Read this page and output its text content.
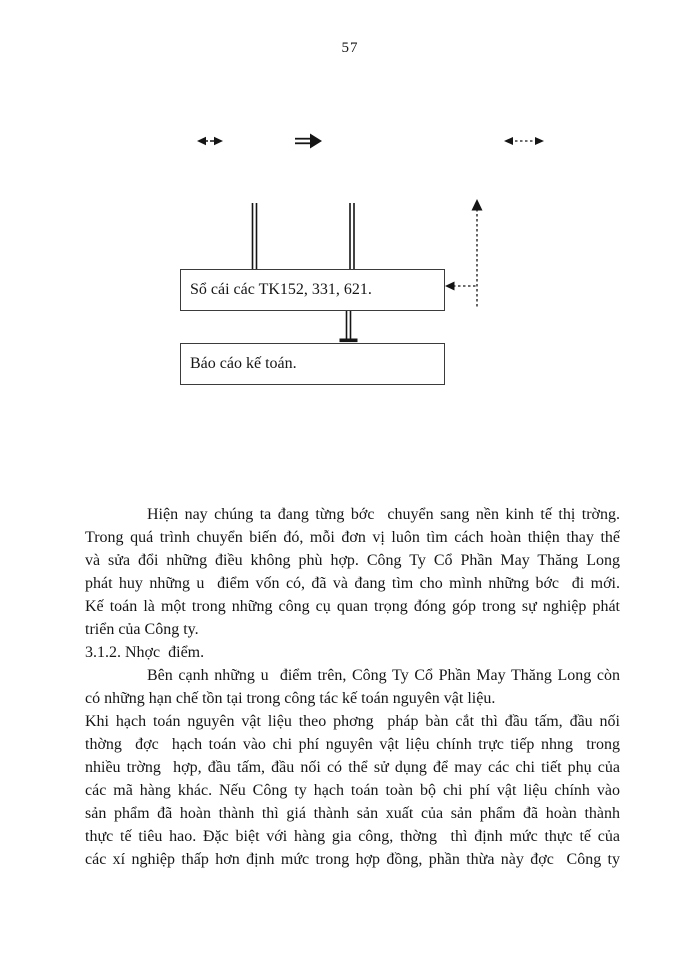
57
Sổ cái các TK152, 331, 621.
Báo cáo kế toán.
Hiện nay chúng ta đang từng bớc  chuyển sang nền kinh tế thị trờng.
Trong quá trình chuyển biến đó, mỗi đơn vị luôn tìm cách hoàn thiện thay thế
và sửa đổi những điều không phù hợp. Công Ty Cổ Phần May Thăng Long
phát huy những u  điểm vốn có, đã và đang tìm cho mình những bớc  đi mới.
Kế toán là một trong những công cụ quan trọng đóng góp trong sự nghiệp phát
triển của Công ty.
3.1.2. Nhợc  điểm.
Bên cạnh những u  điểm trên, Công Ty Cổ Phần May Thăng Long còn
có những hạn chế tồn tại trong công tác kế toán nguyên vật liệu.
Khi hạch toán nguyên vật liệu theo phơng  pháp bàn cắt thì đầu tấm, đầu nối
thờng  đợc  hạch toán vào chi phí nguyên vật liệu chính trực tiếp nhng  trong
nhiều trờng  hợp, đầu tấm, đầu nối có thể sử dụng để may các chi tiết phụ của
các mã hàng khác. Nếu Công ty hạch toán toàn bộ chi phí vật liệu chính vào
sản phẩm đã hoàn thành thì giá thành sản xuất của sản phẩm đã hoàn thành
thực tế tiêu hao. Đặc biệt với hàng gia công, thờng  thì định mức thực tế của
các xí nghiệp thấp hơn định mức trong hợp đồng, phần thừa này đợc  Công ty
